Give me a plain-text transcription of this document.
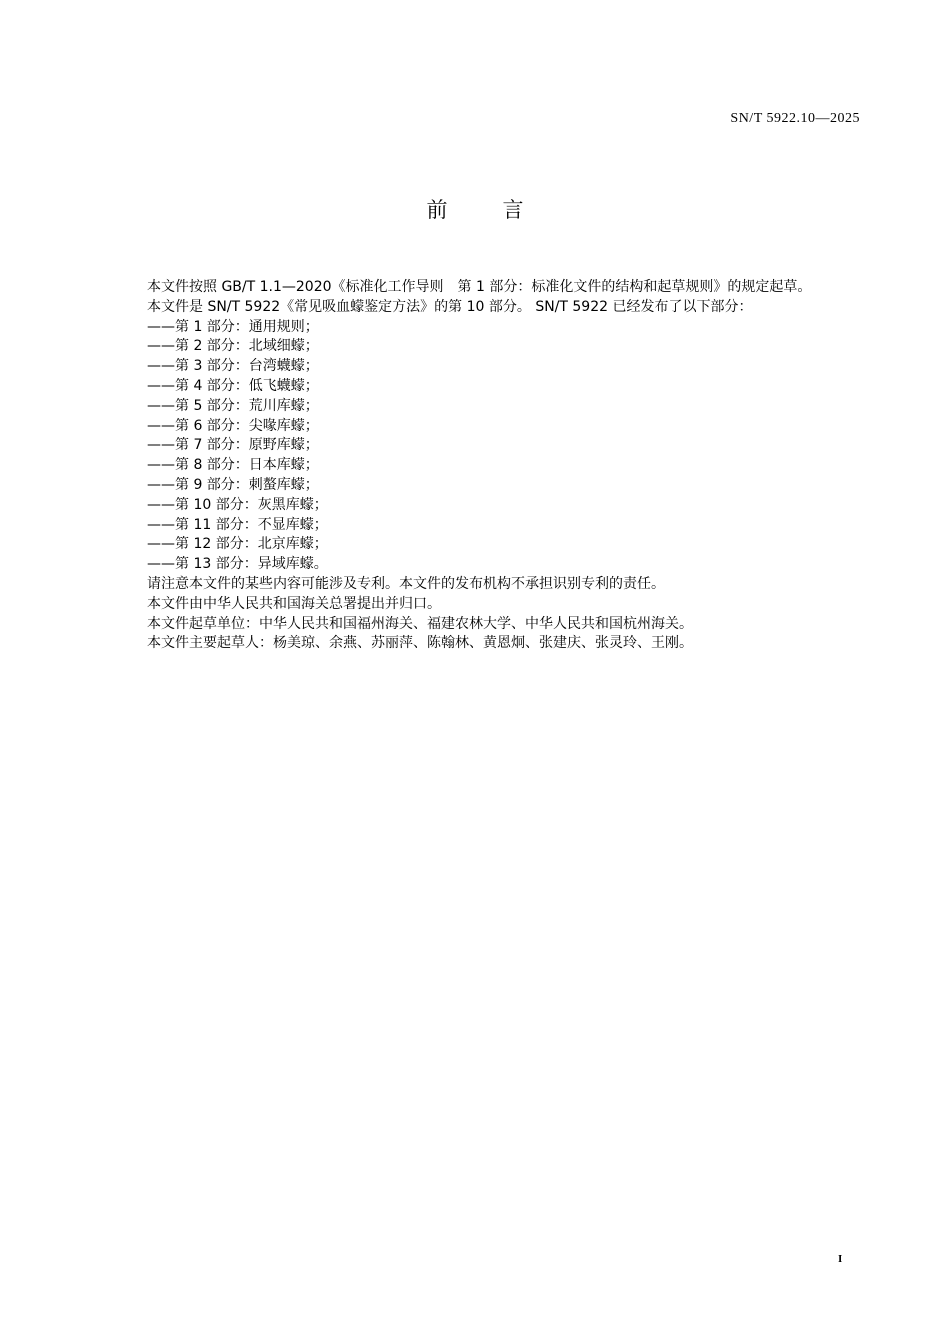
SN/T 5922.10—2025
前言

本文件按照 GB/T 1.1—2020《标准化工作导则　第 1 部分：标准化文件的结构和起草规则》的规定起草。

本文件是 SN/T 5922《常见吸血蠓鉴定方法》的第 10 部分。 SN/T 5922 已经发布了以下部分：

——第 1 部分：通用规则；
——第 2 部分：北域细蠓；
——第 3 部分：台湾蠛蠓；
——第 4 部分：低飞蠛蠓；
——第 5 部分：荒川库蠓；
——第 6 部分：尖喙库蠓；
——第 7 部分：原野库蠓；
——第 8 部分：日本库蠓；
——第 9 部分：刺螯库蠓；
——第 10 部分：灰黑库蠓；
——第 11 部分：不显库蠓；
——第 12 部分：北京库蠓；
——第 13 部分：异域库蠓。

请注意本文件的某些内容可能涉及专利。本文件的发布机构不承担识别专利的责任。

本文件由中华人民共和国海关总署提出并归口。

本文件起草单位：中华人民共和国福州海关、福建农林大学、中华人民共和国杭州海关。

本文件主要起草人：杨美琼、余燕、苏丽萍、陈翰林、黄恩炯、张建庆、张灵玲、王刚。

I
